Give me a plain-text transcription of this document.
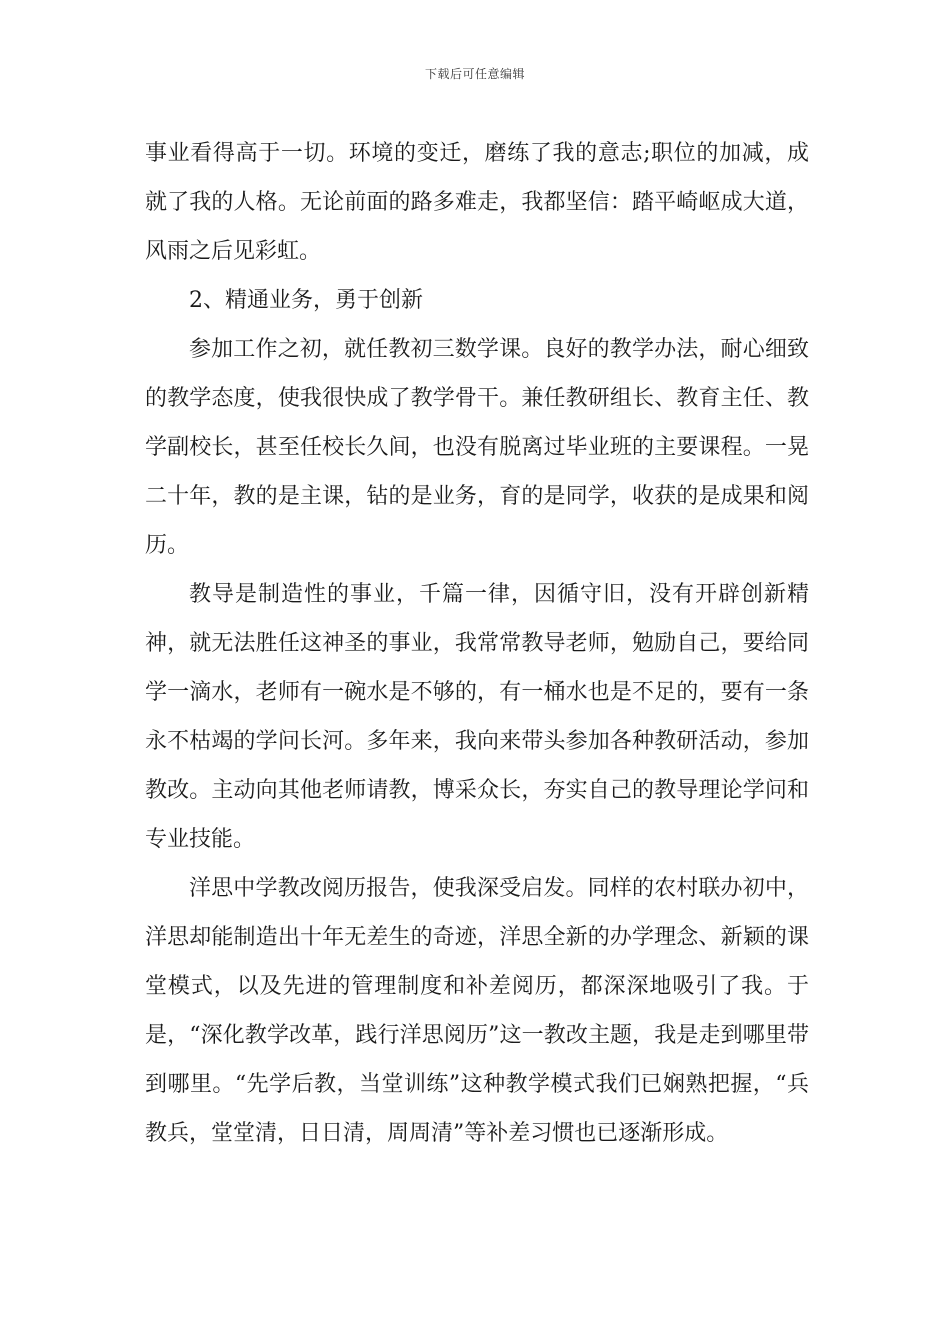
下载后可任意编辑

事业看得高于一切。环境的变迁，磨练了我的意志;职位的加减，成就了我的人格。无论前面的路多难走，我都坚信：踏平崎岖成大道，风雨之后见彩虹。

2、精通业务，勇于创新

参加工作之初，就任教初三数学课。良好的教学办法，耐心细致的教学态度，使我很快成了教学骨干。兼任教研组长、教育主任、教学副校长，甚至任校长久间，也没有脱离过毕业班的主要课程。一晃二十年，教的是主课，钻的是业务，育的是同学，收获的是成果和阅历。

教导是制造性的事业，千篇一律，因循守旧，没有开辟创新精神，就无法胜任这神圣的事业，我常常教导老师，勉励自己，要给同学一滴水，老师有一碗水是不够的，有一桶水也是不足的，要有一条永不枯竭的学问长河。多年来，我向来带头参加各种教研活动，参加教改。主动向其他老师请教，博采众长，夯实自己的教导理论学问和专业技能。

洋思中学教改阅历报告，使我深受启发。同样的农村联办初中，洋思却能制造出十年无差生的奇迹，洋思全新的办学理念、新颖的课堂模式，以及先进的管理制度和补差阅历，都深深地吸引了我。于是，“深化教学改革，践行洋思阅历”这一教改主题，我是走到哪里带到哪里。“先学后教，当堂训练”这种教学模式我们已娴熟把握，“兵教兵，堂堂清，日日清，周周清”等补差习惯也已逐渐形成。
